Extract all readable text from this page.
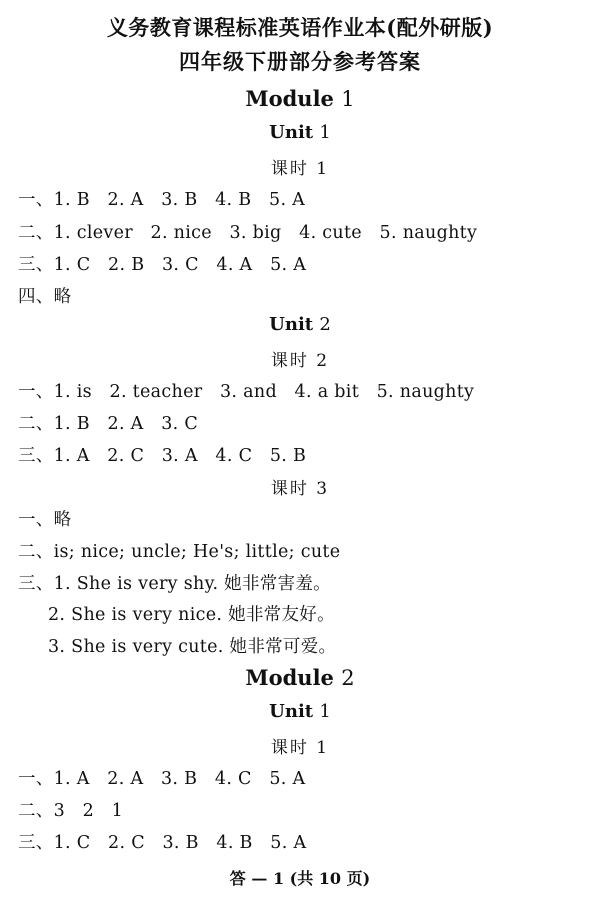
义务教育课程标准英语作业本(配外研版)
四年级下册部分参考答案
Module 1
Unit 1
课时 1
一、1. B   2. A   3. B   4. B   5. A
二、1. clever   2. nice   3. big   4. cute   5. naughty
三、1. C   2. B   3. C   4. A   5. A
四、略
Unit 2
课时 2
一、1. is   2. teacher   3. and   4. a bit   5. naughty
二、1. B   2. A   3. C
三、1. A   2. C   3. A   4. C   5. B
课时 3
一、略
二、is; nice; uncle; He's; little; cute
三、1. She is very shy. 她非常害羞。
2. She is very nice. 她非常友好。
3. She is very cute. 她非常可爱。
Module 2
Unit 1
课时 1
一、1. A   2. A   3. B   4. C   5. A
二、3   2   1
三、1. C   2. C   3. B   4. B   5. A
答 — 1 (共 10 页)
